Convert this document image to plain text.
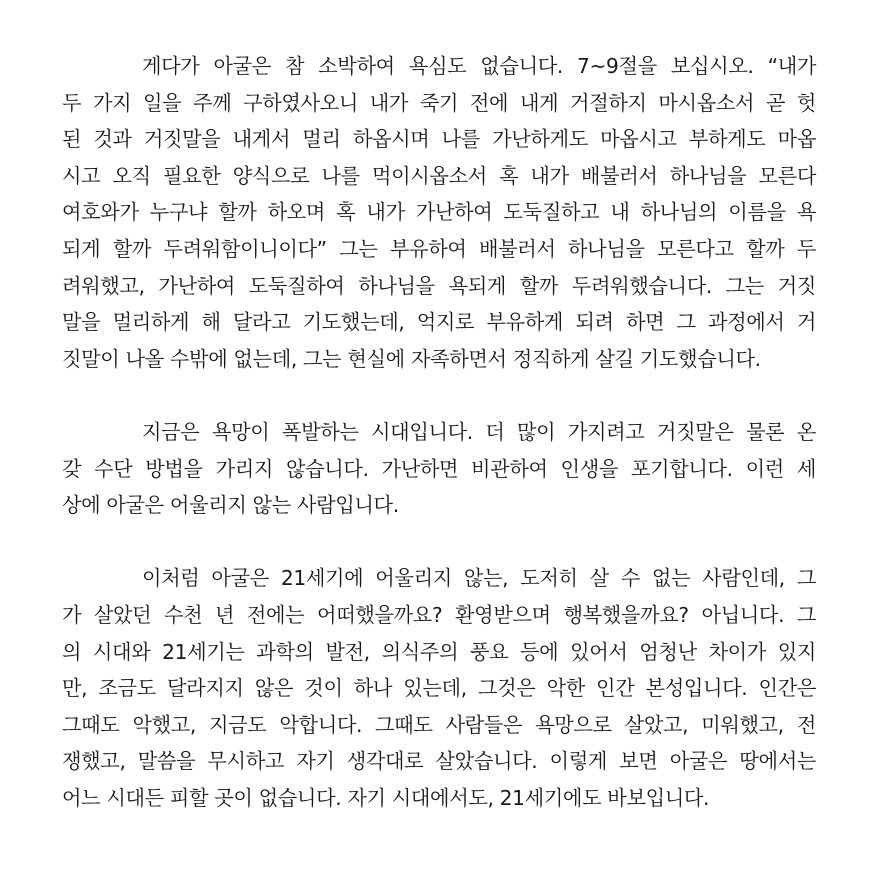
게다가 아굴은 참 소박하여 욕심도 없습니다. 7~9절을 보십시오. “내가
두 가지 일을 주께 구하였사오니 내가 죽기 전에 내게 거절하지 마시옵소서 곧 헛
된 것과 거짓말을 내게서 멀리 하옵시며 나를 가난하게도 마옵시고 부하게도 마옵
시고 오직 필요한 양식으로 나를 먹이시옵소서 혹 내가 배불러서 하나님을 모른다
여호와가 누구냐 할까 하오며 혹 내가 가난하여 도둑질하고 내 하나님의 이름을 욕
되게 할까 두려워함이니이다” 그는 부유하여 배불러서 하나님을 모른다고 할까 두
려워했고, 가난하여 도둑질하여 하나님을 욕되게 할까 두려워했습니다. 그는 거짓
말을 멀리하게 해 달라고 기도했는데, 억지로 부유하게 되려 하면 그 과정에서 거
짓말이 나올 수밖에 없는데, 그는 현실에 자족하면서 정직하게 살길 기도했습니다.
지금은 욕망이 폭발하는 시대입니다. 더 많이 가지려고 거짓말은 물론 온
갖 수단 방법을 가리지 않습니다. 가난하면 비관하여 인생을 포기합니다. 이런 세
상에 아굴은 어울리지 않는 사람입니다.
이처럼 아굴은 21세기에 어울리지 않는, 도저히 살 수 없는 사람인데, 그
가 살았던 수천 년 전에는 어떠했을까요? 환영받으며 행복했을까요? 아닙니다. 그
의 시대와 21세기는 과학의 발전, 의식주의 풍요 등에 있어서 엄청난 차이가 있지
만, 조금도 달라지지 않은 것이 하나 있는데, 그것은 악한 인간 본성입니다. 인간은
그때도 악했고, 지금도 악합니다. 그때도 사람들은 욕망으로 살았고, 미워했고, 전
쟁했고, 말씀을 무시하고 자기 생각대로 살았습니다. 이렇게 보면 아굴은 땅에서는
어느 시대든 피할 곳이 없습니다. 자기 시대에서도, 21세기에도 바보입니다.
